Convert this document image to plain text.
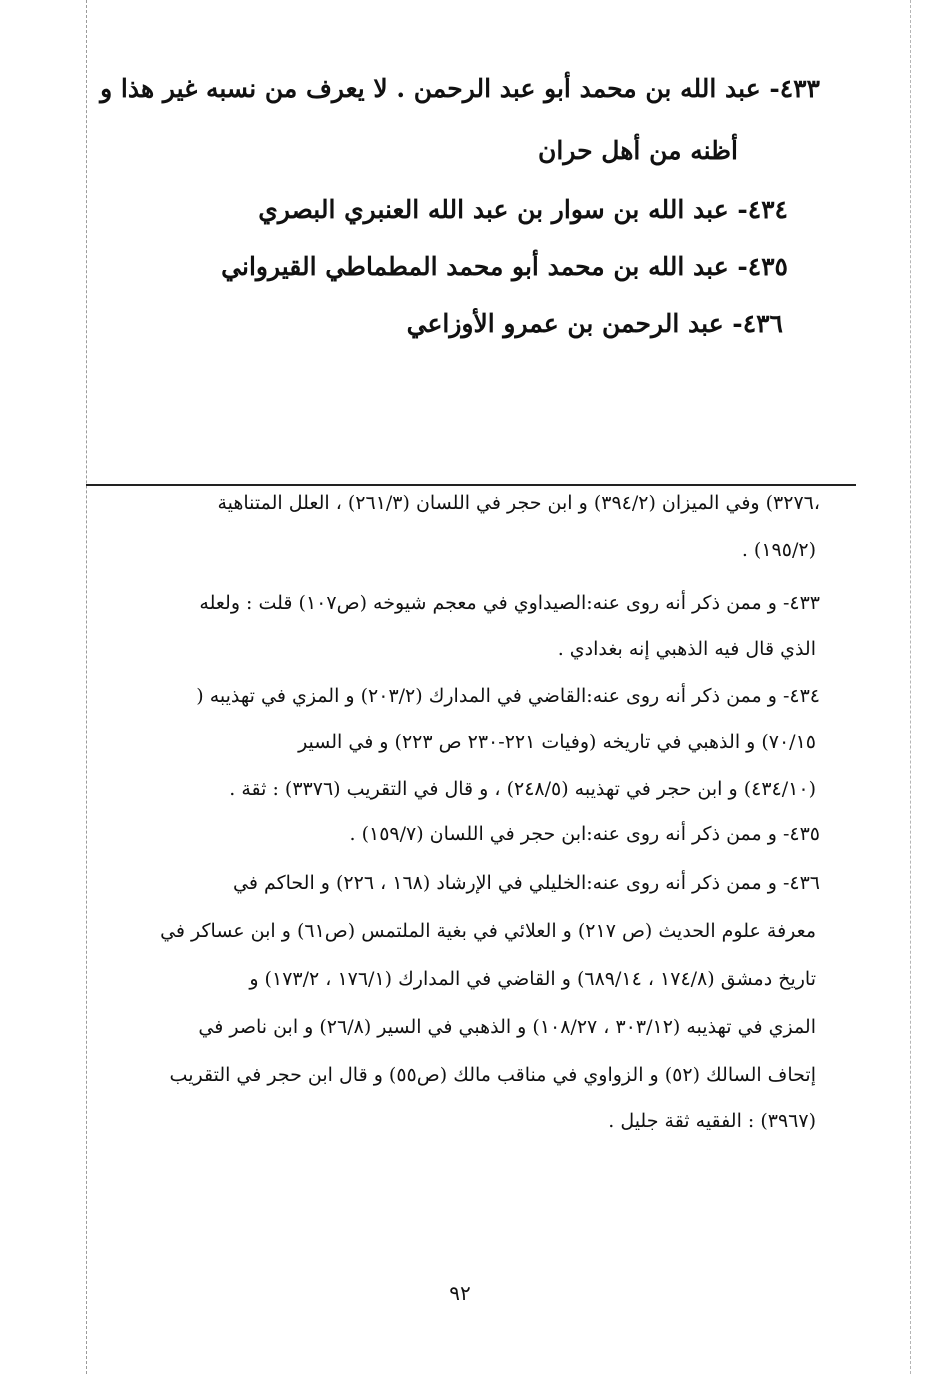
٤٣٣- عبد الله بن محمد أبو عبد الرحمن . لا يعرف من نسبه غير هذا و
أظنه من أهل حران
٤٣٤- عبد الله بن سوار بن عبد الله العنبري البصري
٤٣٥- عبد الله بن محمد أبو محمد المطماطي القيرواني
٤٣٦- عبد الرحمن بن عمرو الأوزاعي
،٣٢٧٦) وفي الميزان (٣٩٤/٢) و ابن حجر في اللسان (٢٦١/٣) ، العلل المتناهية
(١٩٥/٢) .
٤٣٣- و ممن ذكر أنه روى عنه:الصيداوي في معجم شيوخه (ص١٠٧) قلت : ولعله
الذي قال فيه الذهبي إنه بغدادي .
٤٣٤- و ممن ذكر أنه روى عنه:القاضي في المدارك (٢٠٣/٢) و المزي في تهذيبه (
٧٠/١٥) و الذهبي في تاريخه (وفيات ٢٢١-٢٣٠ ص ٢٢٣) و في السير
(٤٣٤/١٠) و ابن حجر في تهذيبه (٢٤٨/٥) ، و قال في التقريب (٣٣٧٦) : ثقة .
٤٣٥- و ممن ذكر أنه روى عنه:ابن حجر في اللسان (١٥٩/٧) .
٤٣٦- و ممن ذكر أنه روى عنه:الخليلي في الإرشاد (١٦٨ ، ٢٢٦) و الحاكم في
معرفة علوم الحديث (ص ٢١٧) و العلائي في بغية الملتمس (ص٦١) و ابن عساكر في
تاريخ دمشق (١٧٤/٨ ، ٦٨٩/١٤) و القاضي في المدارك (١٧٦/١ ، ١٧٣/٢) و
المزي في تهذيبه (٣٠٣/١٢ ، ١٠٨/٢٧) و الذهبي في السير (٢٦/٨) و ابن ناصر في
إتحاف السالك (٥٢) و الزواوي في مناقب مالك (ص٥٥) و قال ابن حجر في التقريب
(٣٩٦٧) : الفقيه ثقة جليل .
٩٢
